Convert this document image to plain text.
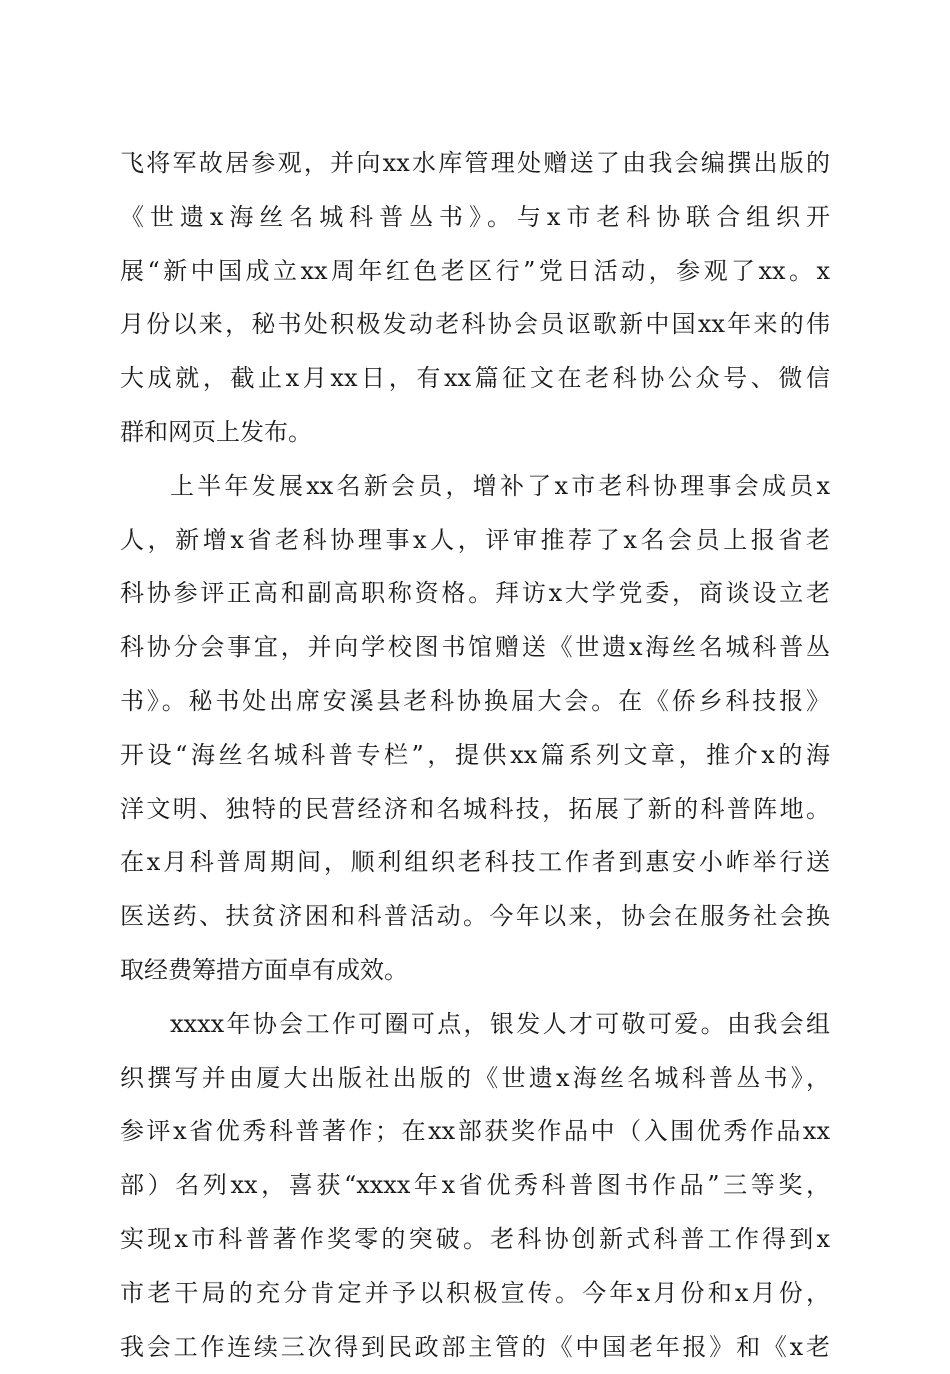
飞将军故居参观，并向xx水库管理处赠送了由我会编撰出版的
《世遗x海丝名城科普丛书》。与x市老科协联合组织开
展“新中国成立xx周年红色老区行”党日活动，参观了xx。x
月份以来，秘书处积极发动老科协会员讴歌新中国xx年来的伟
大成就，截止x月xx日，有xx篇征文在老科协公众号、微信
群和网页上发布。
上半年发展xx名新会员，增补了x市老科协理事会成员x
人，新增x省老科协理事x人，评审推荐了x名会员上报省老
科协参评正高和副高职称资格。拜访x大学党委，商谈设立老
科协分会事宜，并向学校图书馆赠送《世遗x海丝名城科普丛
书》。秘书处出席安溪县老科协换届大会。在《侨乡科技报》
开设“海丝名城科普专栏”，提供xx篇系列文章，推介x的海
洋文明、独特的民营经济和名城科技，拓展了新的科普阵地。
在x月科普周期间，顺利组织老科技工作者到惠安小岞举行送
医送药、扶贫济困和科普活动。今年以来，协会在服务社会换
取经费筹措方面卓有成效。
xxxx年协会工作可圈可点，银发人才可敬可爱。由我会组
织撰写并由厦大出版社出版的《世遗x海丝名城科普丛书》，
参评x省优秀科普著作；在xx部获奖作品中（入围优秀作品xx
部）名列xx，喜获“xxxx年x省优秀科普图书作品”三等奖，
实现x市科普著作奖零的突破。老科协创新式科普工作得到x
市老干局的充分肯定并予以积极宣传。今年x月份和x月份，
我会工作连续三次得到民政部主管的《中国老年报》和《x老
